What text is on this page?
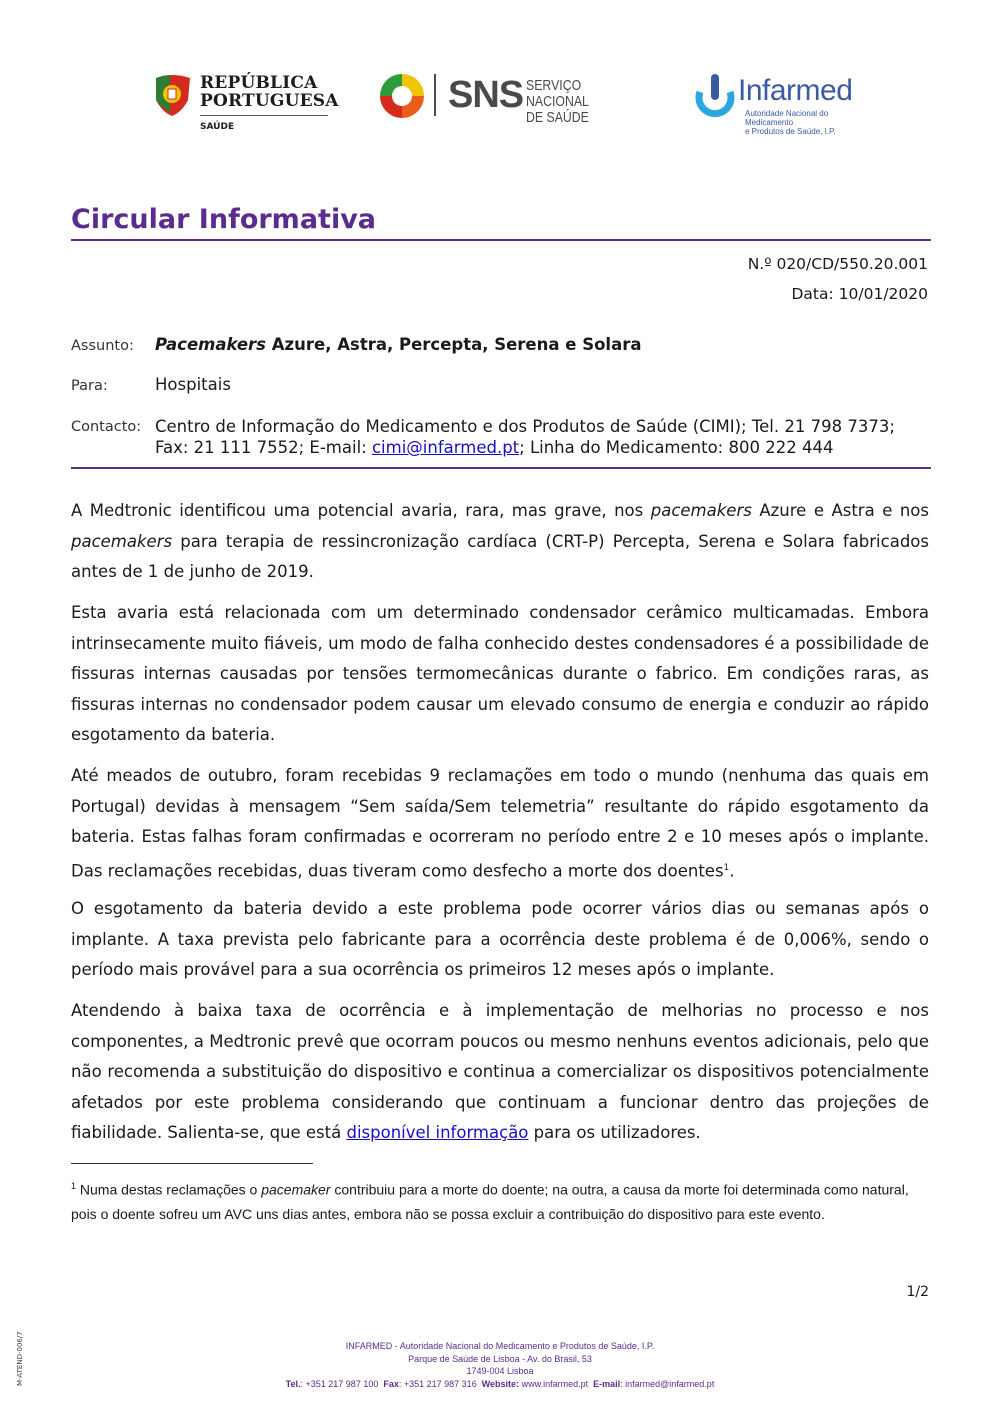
REPÚBLICA
PORTUGUESA
SAÚDE
SNS SERVIÇO NACIONAL
DE SAÚDE
Infarmed
Autoridade Nacional do Medicamento
e Produtos de Saúde, I.P.
Circular Informativa
N.º 020/CD/550.20.001
Data: 10/01/2020
Assunto: Pacemakers Azure, Astra, Percepta, Serena e Solara
Para:	Hospitais
Contacto: Centro de Informação do Medicamento e dos Produtos de Saúde (CIMI); Tel. 21 798 7373;
Fax: 21 111 7552; E-mail: cimi@infarmed.pt; Linha do Medicamento: 800 222 444
A Medtronic identificou uma potencial avaria, rara, mas grave, nos pacemakers Azure e Astra e nos pacemakers para terapia de ressincronização cardíaca (CRT-P) Percepta, Serena e Solara fabricados antes de 1 de junho de 2019.
Esta avaria está relacionada com um determinado condensador cerâmico multicamadas. Embora intrinsecamente muito fiáveis, um modo de falha conhecido destes condensadores é a possibilidade de fissuras internas causadas por tensões termomecânicas durante o fabrico. Em condições raras, as fissuras internas no condensador podem causar um elevado consumo de energia e conduzir ao rápido esgotamento da bateria.
Até meados de outubro, foram recebidas 9 reclamações em todo o mundo (nenhuma das quais em Portugal) devidas à mensagem “Sem saída/Sem telemetria” resultante do rápido esgotamento da bateria. Estas falhas foram confirmadas e ocorreram no período entre 2 e 10 meses após o implante. Das reclamações recebidas, duas tiveram como desfecho a morte dos doentes$^1$.
O esgotamento da bateria devido a este problema pode ocorrer vários dias ou semanas após o implante. A taxa prevista pelo fabricante para a ocorrência deste problema é de 0,006%, sendo o período mais provável para a sua ocorrência os primeiros 12 meses após o implante.
Atendendo à baixa taxa de ocorrência e à implementação de melhorias no processo e nos componentes, a Medtronic prevê que ocorram poucos ou mesmo nenhuns eventos adicionais, pelo que não recomenda a substituição do dispositivo e continua a comercializar os dispositivos potencialmente afetados por este problema considerando que continuam a funcionar dentro das projeções de fiabilidade. Salienta-se, que está disponível informação para os utilizadores.
$^1$ Numa destas reclamações o pacemaker contribuiu para a morte do doente; na outra, a causa da morte foi determinada como natural, pois o doente sofreu um AVC uns dias antes, embora não se possa excluir a contribuição do dispositivo para este evento.
1/2
M-ATEND-006/7	INFARMED - Autoridade Nacional do Medicamento e Produtos de Saúde, I.P.
Parque de Saúde de Lisboa - Av. do Brasil, 53
1749-004 Lisboa
Tel.: +351 217 987 100 Fax: +351 217 987 316 Website: www.infarmed.pt E-mail: infarmed@infarmed.pt
